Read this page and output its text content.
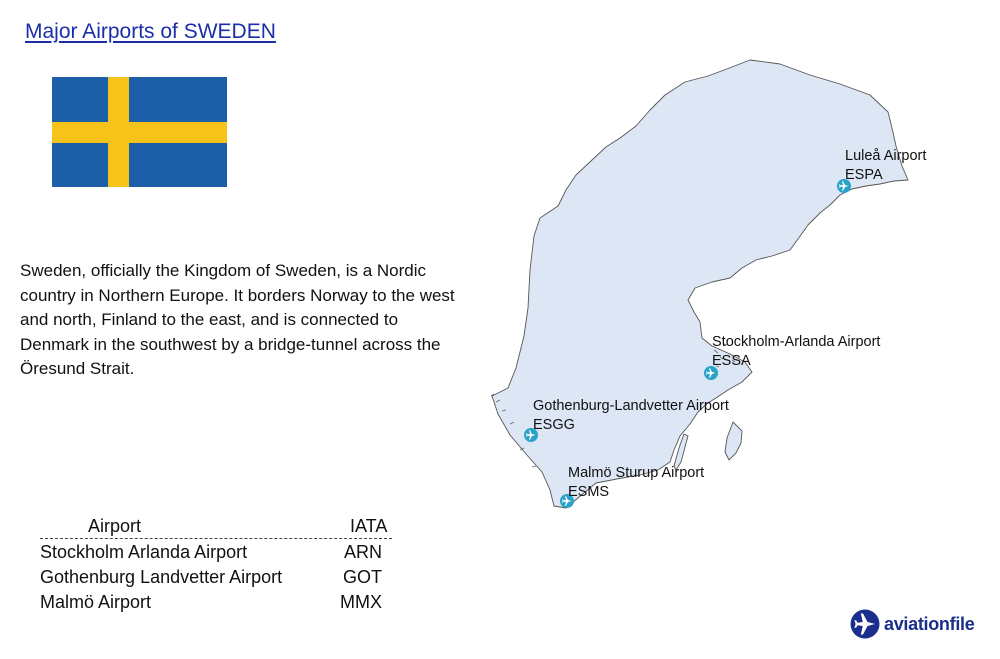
Major Airports of SWEDEN
Sweden, officially the Kingdom of Sweden, is a Nordic country in Northern Europe. It borders Norway to the west and north, Finland to the east, and is connected to Denmark in the southwest by a bridge-tunnel across the Öresund Strait.
Luleå Airport
ESPA
Stockholm-Arlanda Airport
ESSA
Gothenburg-Landvetter Airport
ESGG
Malmö Sturup Airport
ESMS
Airport	IATA
Stockholm Arlanda Airport	ARN
Gothenburg Landvetter Airport	GOT
Malmö Airport	MMX
aviationfile
